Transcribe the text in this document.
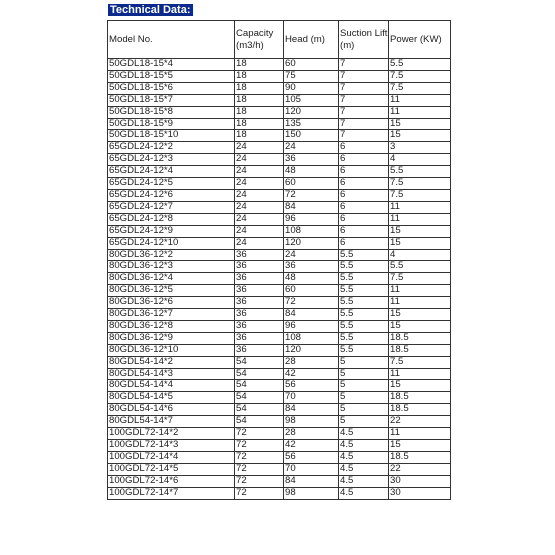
Technical Data:
Model No.	Capacity (m3/h)	Head (m)	Suction Lift (m)	Power (KW)
50GDL18-15*4	18	60	7	5.5
50GDL18-15*5	18	75	7	7.5
50GDL18-15*6	18	90	7	7.5
50GDL18-15*7	18	105	7	11
50GDL18-15*8	18	120	7	11
50GDL18-15*9	18	135	7	15
50GDL18-15*10	18	150	7	15
65GDL24-12*2	24	24	6	3
65GDL24-12*3	24	36	6	4
65GDL24-12*4	24	48	6	5.5
65GDL24-12*5	24	60	6	7.5
65GDL24-12*6	24	72	6	7.5
65GDL24-12*7	24	84	6	11
65GDL24-12*8	24	96	6	11
65GDL24-12*9	24	108	6	15
65GDL24-12*10	24	120	6	15
80GDL36-12*2	36	24	5.5	4
80GDL36-12*3	36	36	5.5	5.5
80GDL36-12*4	36	48	5.5	7.5
80GDL36-12*5	36	60	5.5	11
80GDL36-12*6	36	72	5.5	11
80GDL36-12*7	36	84	5.5	15
80GDL36-12*8	36	96	5.5	15
80GDL36-12*9	36	108	5.5	18.5
80GDL36-12*10	36	120	5.5	18.5
80GDL54-14*2	54	28	5	7.5
80GDL54-14*3	54	42	5	11
80GDL54-14*4	54	56	5	15
80GDL54-14*5	54	70	5	18.5
80GDL54-14*6	54	84	5	18.5
80GDL54-14*7	54	98	5	22
100GDL72-14*2	72	28	4.5	11
100GDL72-14*3	72	42	4.5	15
100GDL72-14*4	72	56	4.5	18.5
100GDL72-14*5	72	70	4.5	22
100GDL72-14*6	72	84	4.5	30
100GDL72-14*7	72	98	4.5	30
